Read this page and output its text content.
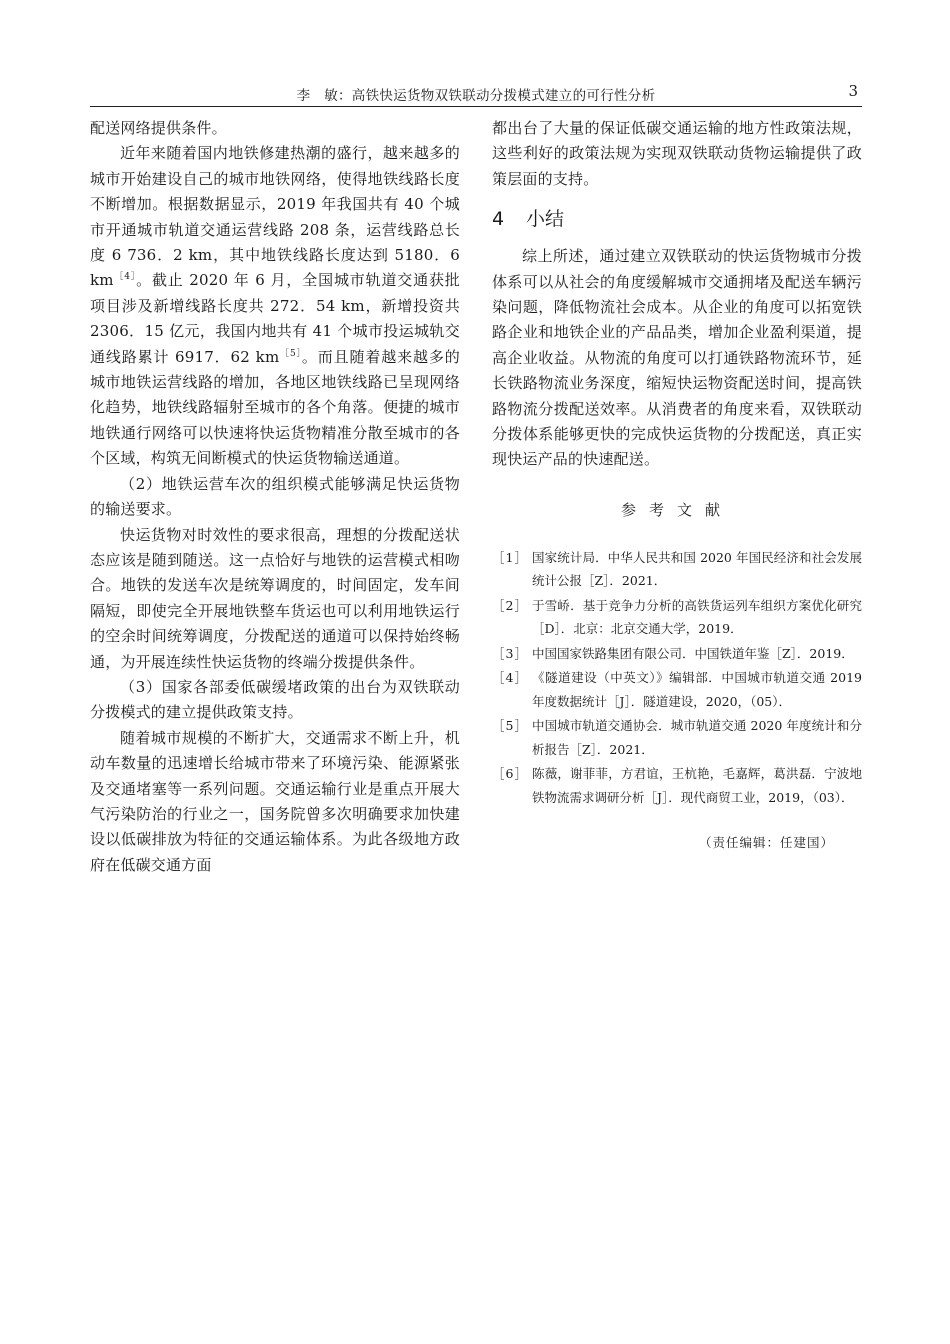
李　敏：高铁快运货物双铁联动分拨模式建立的可行性分析	3

配送网络提供条件。

近年来随着国内地铁修建热潮的盛行，越来越多的城市开始建设自己的城市地铁网络，使得地铁线路长度不断增加。根据数据显示，2019 年我国共有 40 个城市开通城市轨道交通运营线路 208 条，运营线路总长度 6 736．2 km，其中地铁线路长度达到 5180．6 $km^{[4]}$。截止 2020 年 6 月，全国城市轨道交通获批项目涉及新增线路长度共 272．54 km，新增投资共 2306．15 亿元，我国内地共有 41 个城市投运城轨交通线路累计 6917．62 $km^{[5]}$。而且随着越来越多的城市地铁运营线路的增加，各地区地铁线路已呈现网络化趋势，地铁线路辐射至城市的各个角落。便捷的城市地铁通行网络可以快速将快运货物精准分散至城市的各个区域，构筑无间断模式的快运货物输送通道。

（2）地铁运营车次的组织模式能够满足快运货物的输送要求。

快运货物对时效性的要求很高，理想的分拨配送状态应该是随到随送。这一点恰好与地铁的运营模式相吻合。地铁的发送车次是统筹调度的，时间固定，发车间隔短，即使完全开展地铁整车货运也可以利用地铁运行的空余时间统筹调度，分拨配送的通道可以保持始终畅通，为开展连续性快运货物的终端分拨提供条件。

（3）国家各部委低碳缓堵政策的出台为双铁联动分拨模式的建立提供政策支持。

随着城市规模的不断扩大，交通需求不断上升，机动车数量的迅速增长给城市带来了环境污染、能源紧张及交通堵塞等一系列问题。交通运输行业是重点开展大气污染防治的行业之一，国务院曾多次明确要求加快建设以低碳排放为特征的交通运输体系。为此各级地方政府在低碳交通方面

都出台了大量的保证低碳交通运输的地方性政策法规，这些利好的政策法规为实现双铁联动货物运输提供了政策层面的支持。

4 小结

综上所述，通过建立双铁联动的快运货物城市分拨体系可以从社会的角度缓解城市交通拥堵及配送车辆污染问题，降低物流社会成本。从企业的角度可以拓宽铁路企业和地铁企业的产品品类，增加企业盈利渠道，提高企业收益。从物流的角度可以打通铁路物流环节，延长铁路物流业务深度，缩短快运物资配送时间，提高铁路物流分拨配送效率。从消费者的角度来看，双铁联动分拨体系能够更快的完成快运货物的分拨配送，真正实现快运产品的快速配送。

参考文献
［1］ 国家统计局．中华人民共和国 2020 年国民经济和社会发展统计公报［Z］．2021．
［2］ 于雪峤．基于竞争力分析的高铁货运列车组织方案优化研究［D］．北京：北京交通大学，2019．
［3］ 中国国家铁路集团有限公司．中国铁道年鉴［Z］．2019．
［4］ 《隧道建设（中英文）》编辑部．中国城市轨道交通 2019 年度数据统计［J］．隧道建设，2020，（05）．
［5］ 中国城市轨道交通协会．城市轨道交通 2020 年度统计和分析报告［Z］．2021．
［6］ 陈薇，谢菲菲，方君谊，王杭艳，毛嘉辉，葛洪磊．宁波地铁物流需求调研分析［J］．现代商贸工业，2019，（03）．
（责任编辑：任建国）
